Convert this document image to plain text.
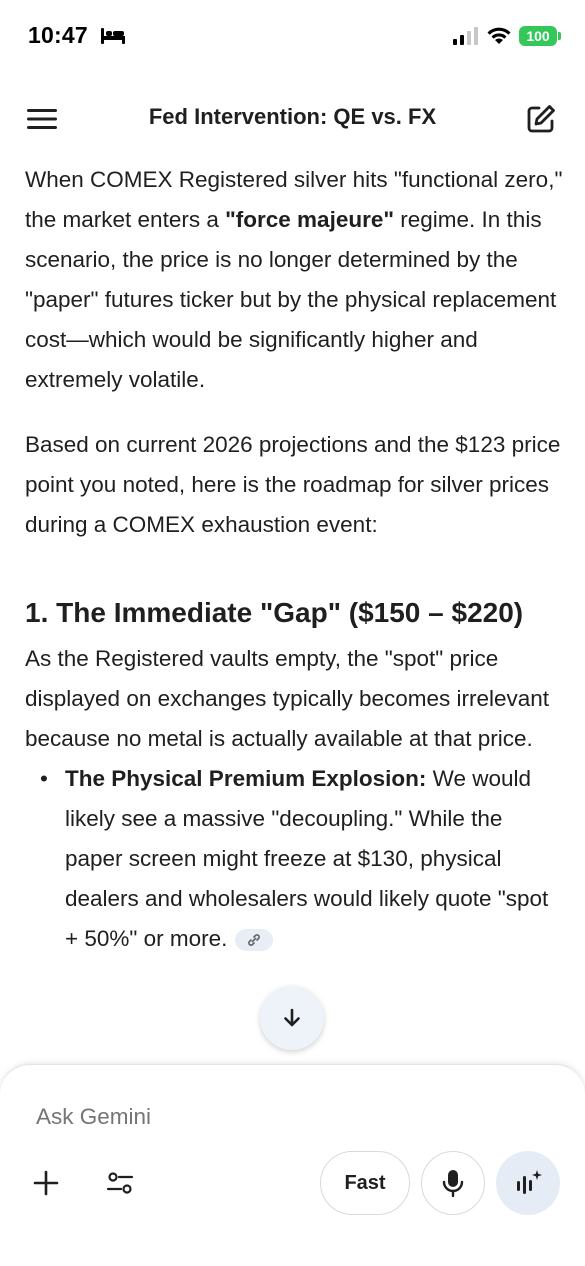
10:47	100
Fed Intervention: QE vs. FX

When COMEX Registered silver hits "functional zero," the market enters a "force majeure" regime. In this scenario, the price is no longer determined by the "paper" futures ticker but by the physical replacement cost—which would be significantly higher and extremely volatile.

Based on current 2026 projections and the $123 price point you noted, here is the roadmap for silver prices during a COMEX exhaustion event:

1. The Immediate "Gap" ($150 – $220)

As the Registered vaults empty, the "spot" price displayed on exchanges typically becomes irrelevant because no metal is actually available at that price.

• The Physical Premium Explosion: We would likely see a massive "decoupling." While the paper screen might freeze at $130, physical dealers and wholesalers would likely quote "spot + 50%" or more.
Ask Gemini
Fast
